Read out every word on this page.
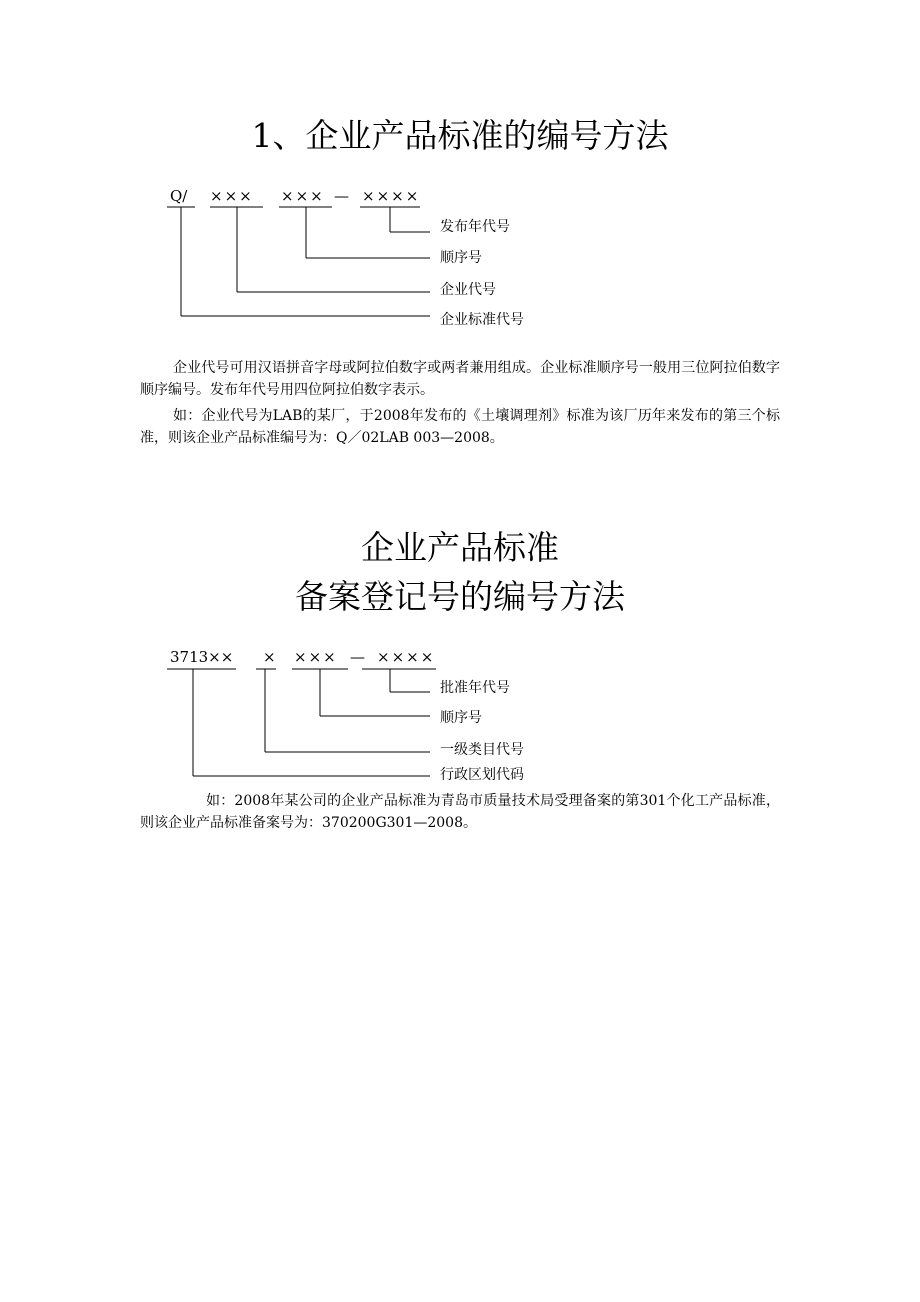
1、企业产品标准的编号方法
Q/ ××× ××× — ××××
发布年代号
顺序号
企业代号
企业标准代号

企业代号可用汉语拼音字母或阿拉伯数字或两者兼用组成。企业标准顺序号一般用三位阿拉伯数字顺序编号。发布年代号用四位阿拉伯数字表示。

如：企业代号为LAB的某厂，于2008年发布的《土壤调理剂》标准为该厂历年来发布的第三个标准，则该企业产品标准编号为：Q／02LAB 003—2008。

企业产品标准
备案登记号的编号方法
3713×× × ××× — ××××
批准年代号
顺序号
一级类目代号
行政区划代码

如：2008年某公司的企业产品标准为青岛市质量技术局受理备案的第301个化工产品标准，则该企业产品标准备案号为：370200G301—2008。
